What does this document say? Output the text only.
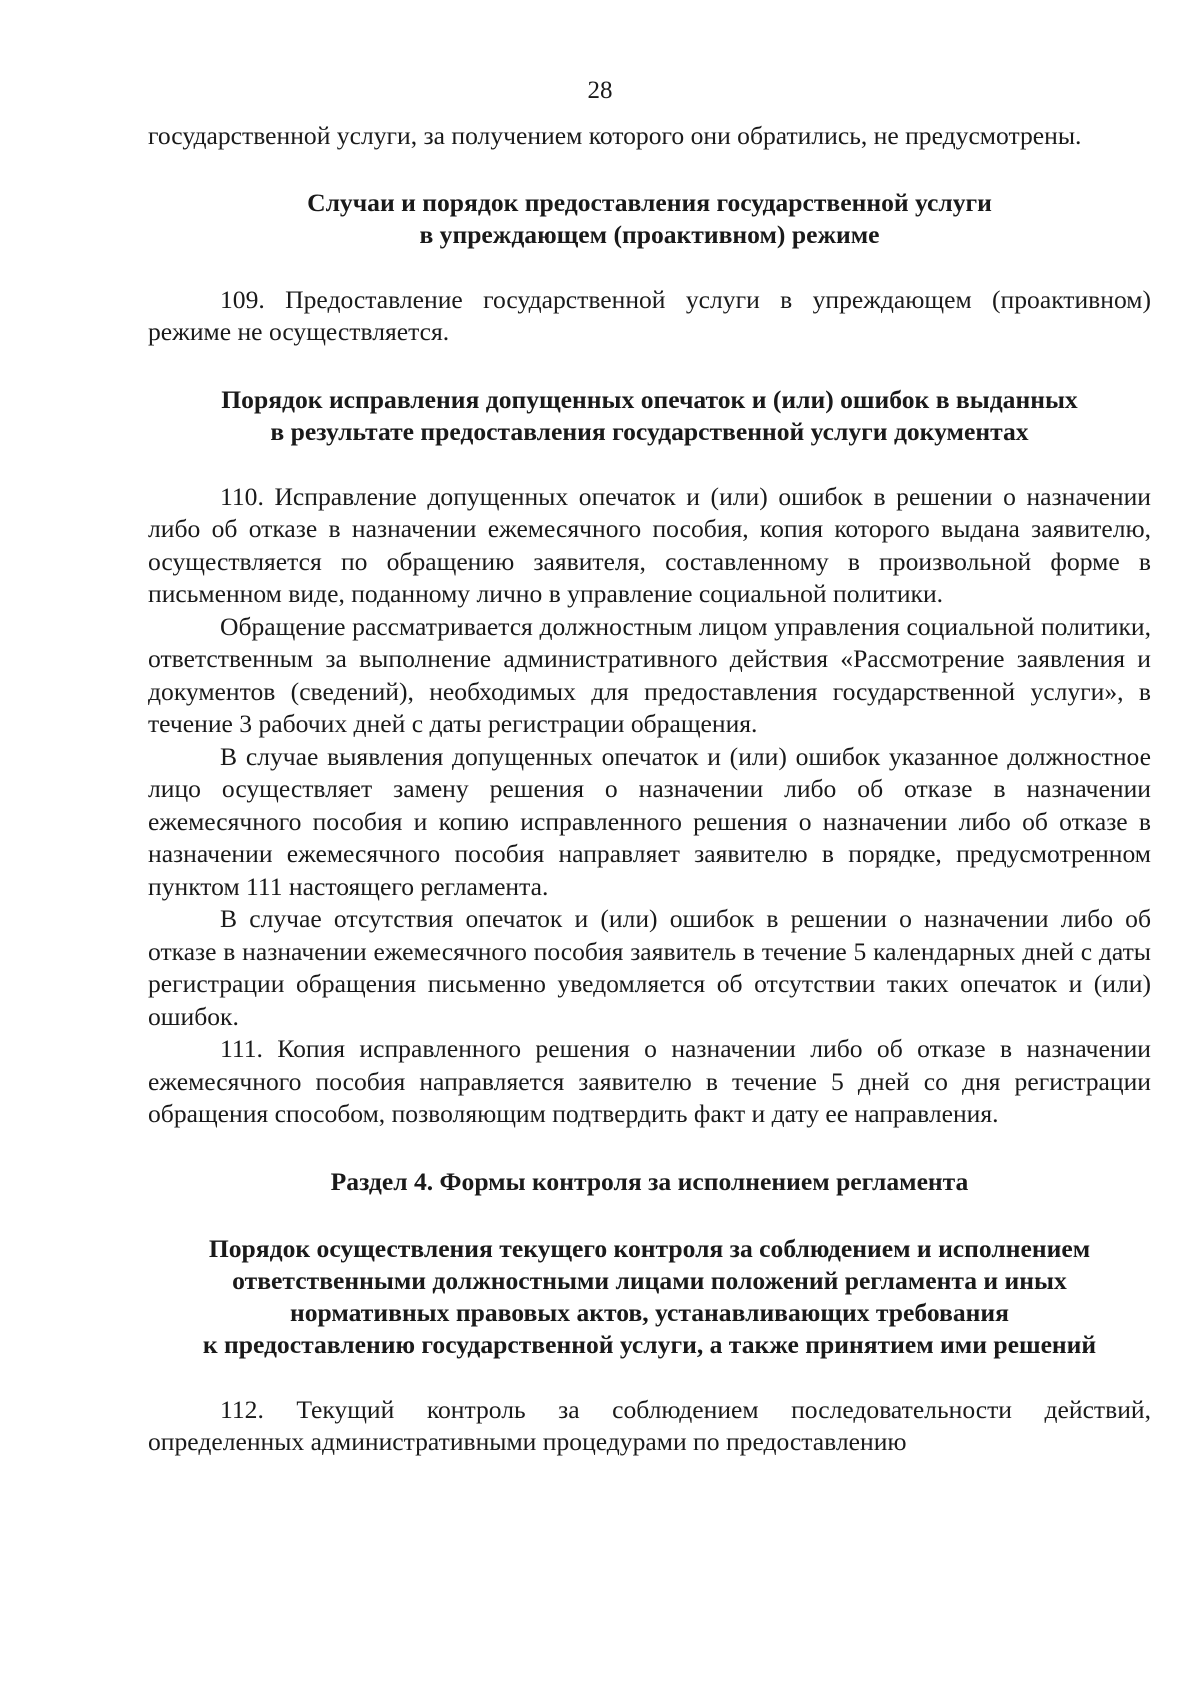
28

государственной услуги, за получением которого они обратились, не предусмотрены.

Случаи и порядок предоставления государственной услуги
в упреждающем (проактивном) режиме

109. Предоставление государственной услуги в упреждающем (проактивном) режиме не осуществляется.

Порядок исправления допущенных опечаток и (или) ошибок в выданных
в результате предоставления государственной услуги документах

110. Исправление допущенных опечаток и (или) ошибок в решении о назначении либо об отказе в назначении ежемесячного пособия, копия которого выдана заявителю, осуществляется по обращению заявителя, составленному в произвольной форме в письменном виде, поданному лично в управление социальной политики.

Обращение рассматривается должностным лицом управления социальной политики, ответственным за выполнение административного действия «Рассмотрение заявления и документов (сведений), необходимых для предоставления государственной услуги», в течение 3 рабочих дней с даты регистрации обращения.

В случае выявления допущенных опечаток и (или) ошибок указанное должностное лицо осуществляет замену решения о назначении либо об отказе в назначении ежемесячного пособия и копию исправленного решения о назначении либо об отказе в назначении ежемесячного пособия направляет заявителю в порядке, предусмотренном пунктом 111 настоящего регламента.

В случае отсутствия опечаток и (или) ошибок в решении о назначении либо об отказе в назначении ежемесячного пособия заявитель в течение 5 календарных дней с даты регистрации обращения письменно уведомляется об отсутствии таких опечаток и (или) ошибок.

111. Копия исправленного решения о назначении либо об отказе в назначении ежемесячного пособия направляется заявителю в течение 5 дней со дня регистрации обращения способом, позволяющим подтвердить факт и дату ее направления.

Раздел 4. Формы контроля за исполнением регламента
Порядок осуществления текущего контроля за соблюдением и исполнением
ответственными должностными лицами положений регламента и иных
нормативных правовых актов, устанавливающих требования
к предоставлению государственной услуги, а также принятием ими решений

112. Текущий контроль за соблюдением последовательности действий, определенных административными процедурами по предоставлению
